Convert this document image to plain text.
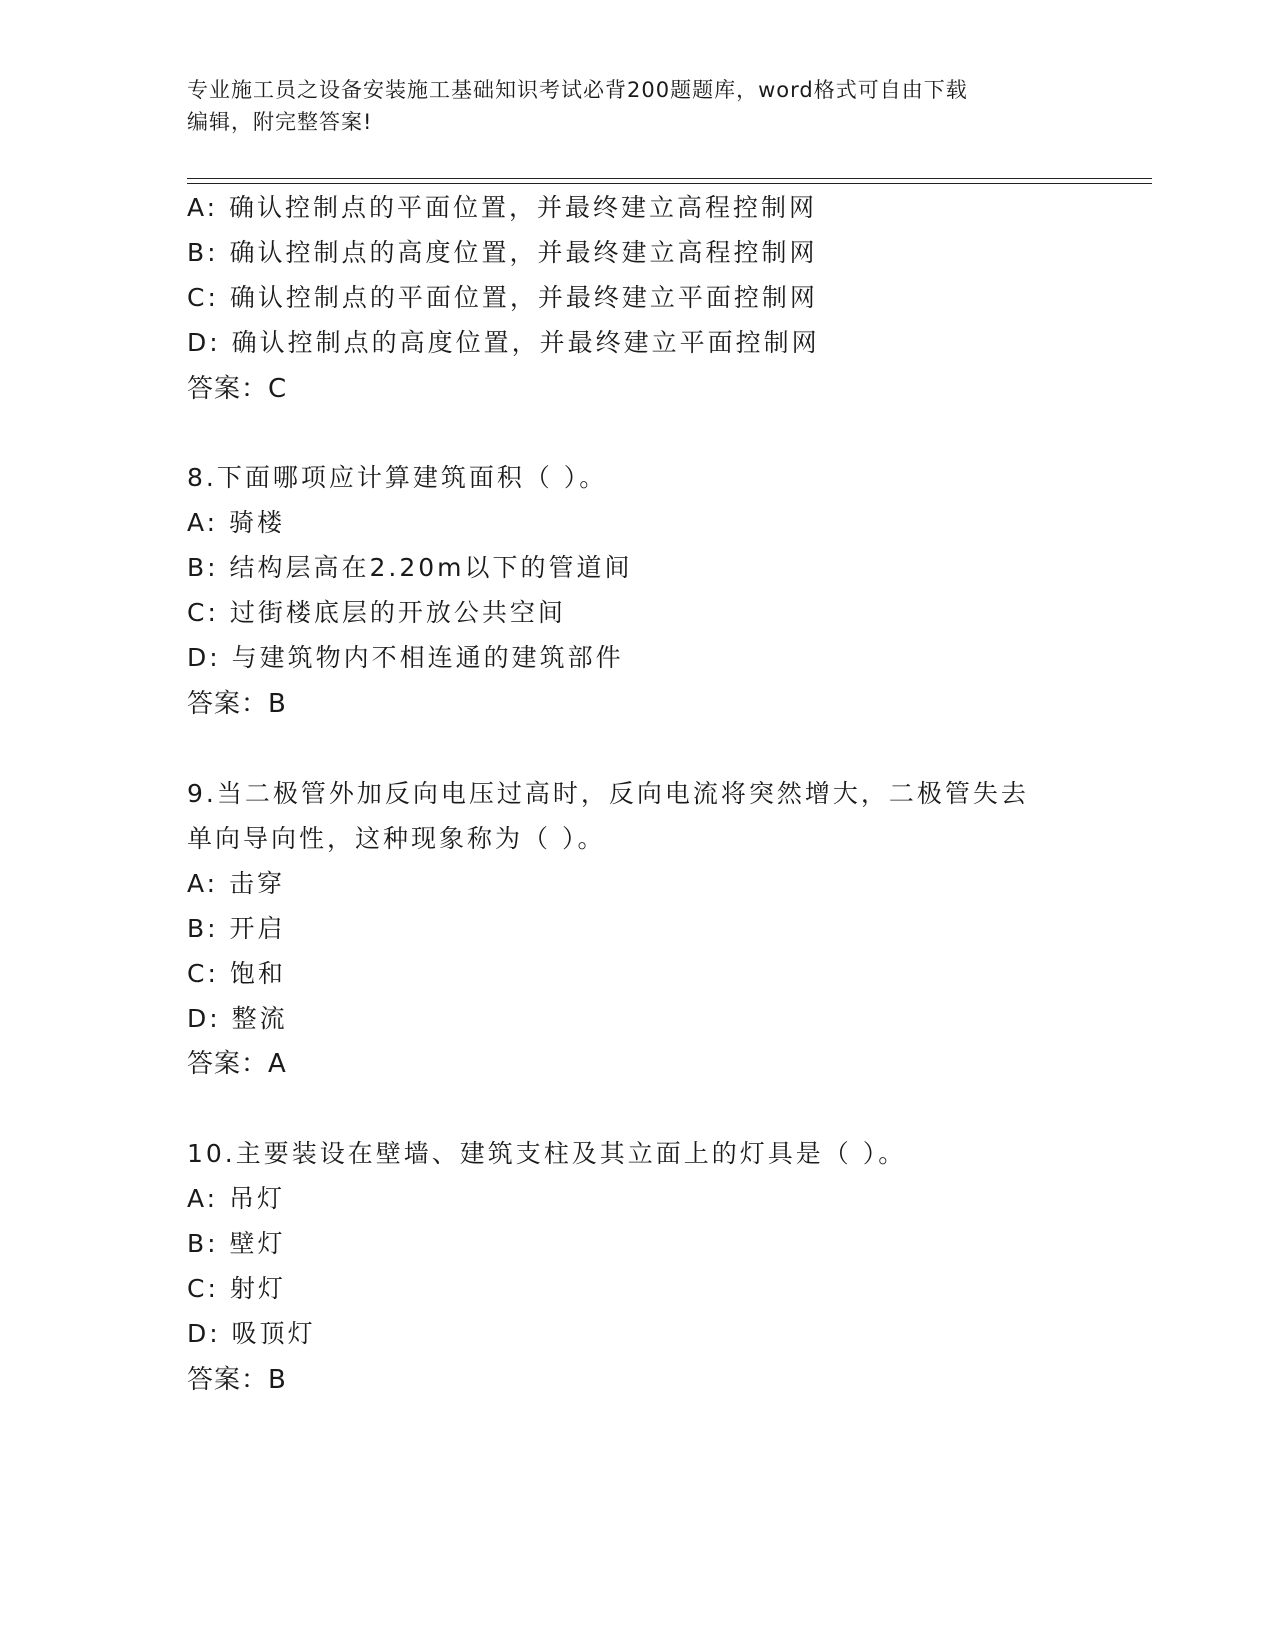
专业施工员之设备安装施工基础知识考试必背200题题库，word格式可自由下载
编辑，附完整答案!
A: 确认控制点的平面位置，并最终建立高程控制网
B: 确认控制点的高度位置，并最终建立高程控制网
C: 确认控制点的平面位置，并最终建立平面控制网
D: 确认控制点的高度位置，并最终建立平面控制网
答案：C
8.下面哪项应计算建筑面积（ ）。
A: 骑楼
B: 结构层高在2.20m以下的管道间
C: 过街楼底层的开放公共空间
D: 与建筑物内不相连通的建筑部件
答案：B
9.当二极管外加反向电压过高时，反向电流将突然增大，二极管失去
单向导向性，这种现象称为（ ）。
A: 击穿
B: 开启
C: 饱和
D: 整流
答案：A
10.主要装设在壁墙、建筑支柱及其立面上的灯具是（ ）。
A: 吊灯
B: 壁灯
C: 射灯
D: 吸顶灯
答案：B
